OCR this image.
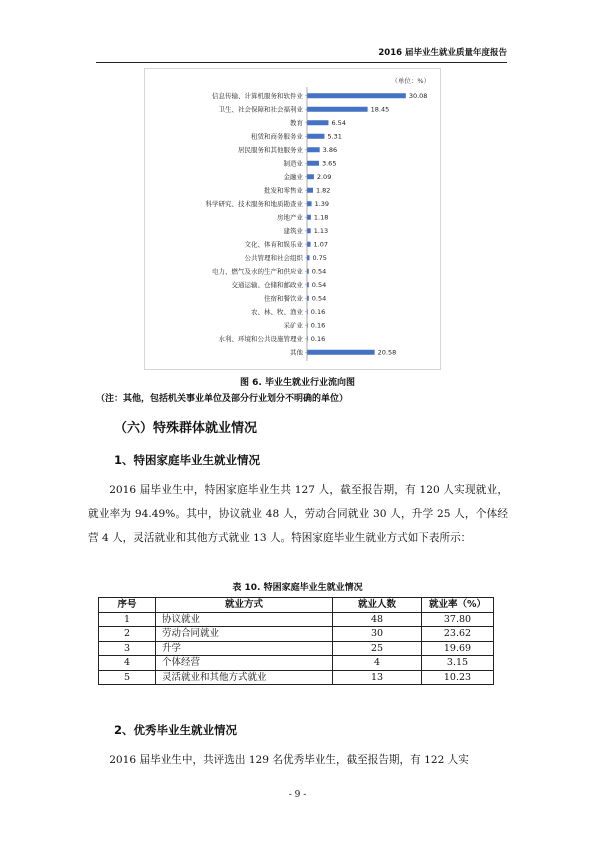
2016 届毕业生就业质量年度报告
（单位：%）
信息传输、计算机服务和软件业	30.08
卫生、社会保障和社会福利业	18.45
教育	6.54
租赁和商务服务业	5.31
居民服务和其他服务业	3.86
制造业	3.65
金融业 2.09
批发和零售业 1.82
科学研究、技术服务和地质勘查业 1.39
房地产业 1.18
建筑业 1.13
文化、体育和娱乐业 1.07
公共管理和社会组织 0.75
电力、燃气及水的生产和供应业 0.54
交通运输、仓储和邮政业 0.54
住宿和餐饮业 0.54
农、林、牧、渔业 0.16
采矿业 0.16
水利、环境和公共设施管理业 0.16
其他	20.58
图 6. 毕业生就业行业流向图
（注：其他，包括机关事业单位及部分行业划分不明确的单位）
（六）特殊群体就业情况
1、特困家庭毕业生就业情况

2016 届毕业生中，特困家庭毕业生共 127 人，截至报告期，有 120 人实现就业，就业率为 94.49%。其中，协议就业 48 人，劳动合同就业 30 人，升学 25 人，个体经营 4 人，灵活就业和其他方式就业 13 人。特困家庭毕业生就业方式如下表所示：

表 10. 特困家庭毕业生就业情况
序号	就业方式	就业人数	就业率（%）
1	协议就业	48	37.80
2	劳动合同就业	30	23.62
3	升学	25	19.69
4	个体经营	4	3.15
5	灵活就业和其他方式就业	13	10.23
2、优秀毕业生就业情况

2016 届毕业生中，共评选出 129 名优秀毕业生，截至报告期，有 122 人实

- 9 -
